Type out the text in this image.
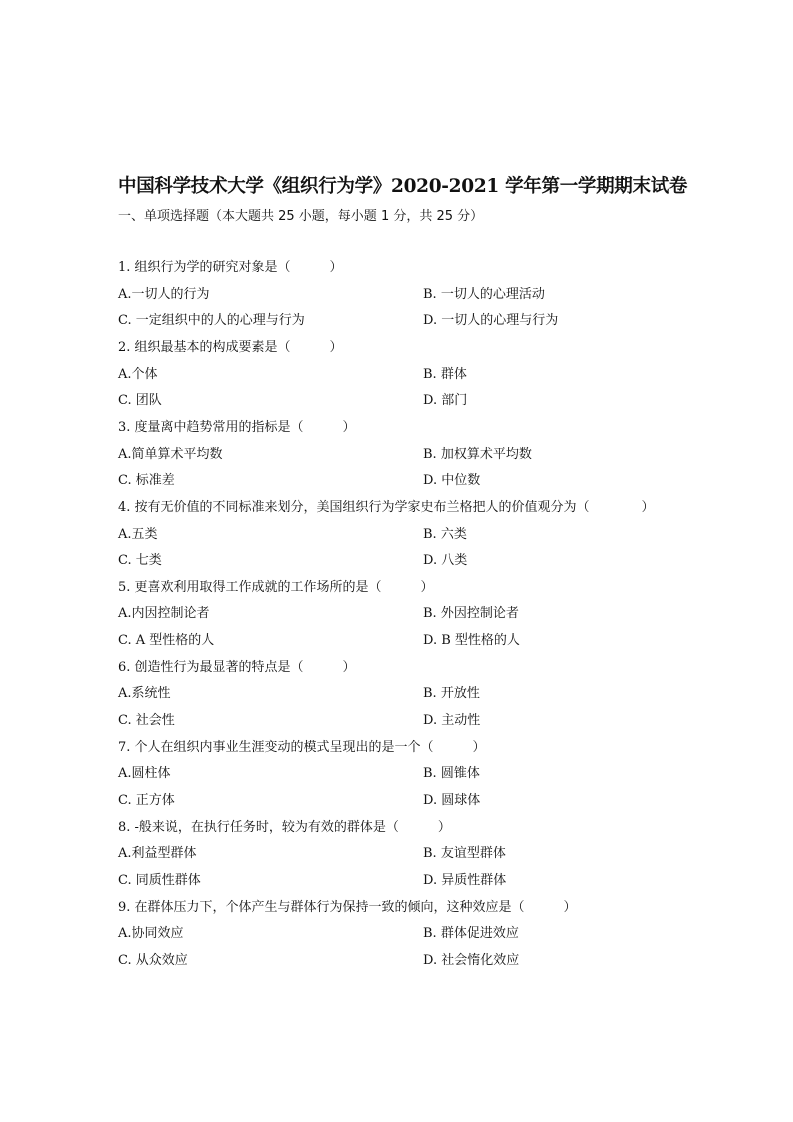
中国科学技术大学《组织行为学》2020-2021 学年第一学期期末试卷
一、单项选择题（本大题共 25 小题，每小题 1 分，共 25 分）
1. 组织行为学的研究对象是（　　　）
A.一切人的行为	B. 一切人的心理活动
C. 一定组织中的人的心理与行为	D. 一切人的心理与行为
2. 组织最基本的构成要素是（　　　）
A.个体	B. 群体
C. 团队	D. 部门
3. 度量离中趋势常用的指标是（　　　）
A.简单算术平均数	B. 加权算术平均数
C. 标准差	D. 中位数
4. 按有无价值的不同标准来划分，美国组织行为学家史布兰格把人的价值观分为（　　　　）
A.五类	B. 六类
C. 七类	D. 八类
5. 更喜欢利用取得工作成就的工作场所的是（　　　）
A.内因控制论者	B. 外因控制论者
C. A 型性格的人	D. B 型性格的人
6. 创造性行为最显著的特点是（　　　）
A.系统性	B. 开放性
C. 社会性	D. 主动性
7. 个人在组织内事业生涯变动的模式呈现出的是一个（　　　）
A.圆柱体	B. 圆锥体
C. 正方体	D. 圆球体
8. -般来说，在执行任务时，较为有效的群体是（　　　）
A.利益型群体	B. 友谊型群体
C. 同质性群体	D. 异质性群体
9. 在群体压力下，个体产生与群体行为保持一致的倾向，这种效应是（　　　）
A.协同效应	B. 群体促进效应
C. 从众效应	D. 社会惰化效应
